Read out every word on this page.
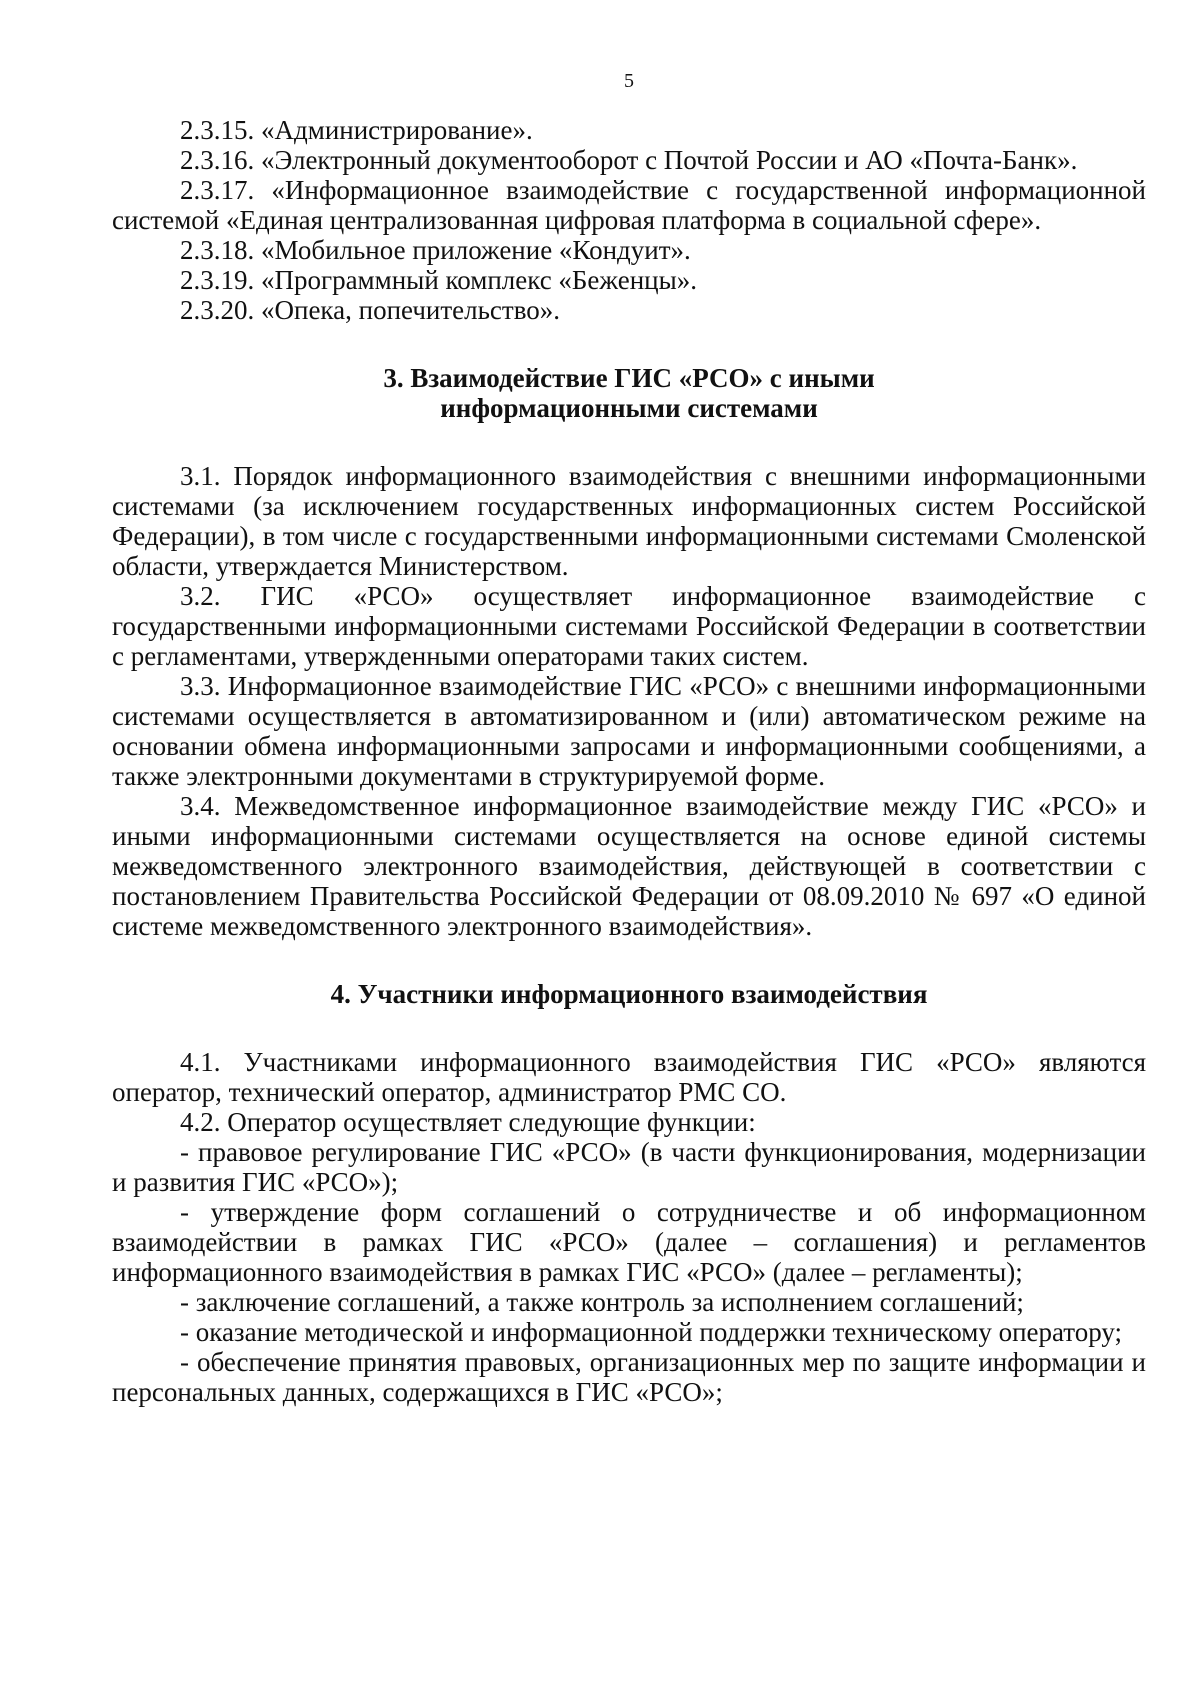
5

2.3.15. «Администрирование».

2.3.16. «Электронный документооборот с Почтой России и АО «Почта-Банк».

2.3.17. «Информационное взаимодействие с государственной информационной системой «Единая централизованная цифровая платформа в социальной сфере».

2.3.18. «Мобильное приложение «Кондуит».

2.3.19. «Программный комплекс «Беженцы».

2.3.20. «Опека, попечительство».

3. Взаимодействие ГИС «РСО» с иными
информационными системами

3.1. Порядок информационного взаимодействия с внешними информационными системами (за исключением государственных информационных систем Российской Федерации), в том числе с государственными информационными системами Смоленской области, утверждается Министерством.

3.2. ГИС «РСО» осуществляет информационное взаимодействие с государственными информационными системами Российской Федерации в соответствии с регламентами, утвержденными операторами таких систем.

3.3. Информационное взаимодействие ГИС «РСО» с внешними информационными системами осуществляется в автоматизированном и (или) автоматическом режиме на основании обмена информационными запросами и информационными сообщениями, а также электронными документами в структурируемой форме.

3.4. Межведомственное информационное взаимодействие между ГИС «РСО» и иными информационными системами осуществляется на основе единой системы межведомственного электронного взаимодействия, действующей в соответствии с постановлением Правительства Российской Федерации от 08.09.2010 № 697 «О единой системе межведомственного электронного взаимодействия».

4. Участники информационного взаимодействия

4.1. Участниками информационного взаимодействия ГИС «РСО» являются оператор, технический оператор, администратор РМС СО.

4.2. Оператор осуществляет следующие функции:

- правовое регулирование ГИС «РСО» (в части функционирования, модернизации и развития ГИС «РСО»);

- утверждение форм соглашений о сотрудничестве и об информационном взаимодействии в рамках ГИС «РСО» (далее – соглашения) и регламентов информационного взаимодействия в рамках ГИС «РСО» (далее – регламенты);

- заключение соглашений, а также контроль за исполнением соглашений;

- оказание методической и информационной поддержки техническому оператору;

- обеспечение принятия правовых, организационных мер по защите информации и персональных данных, содержащихся в ГИС «РСО»;
